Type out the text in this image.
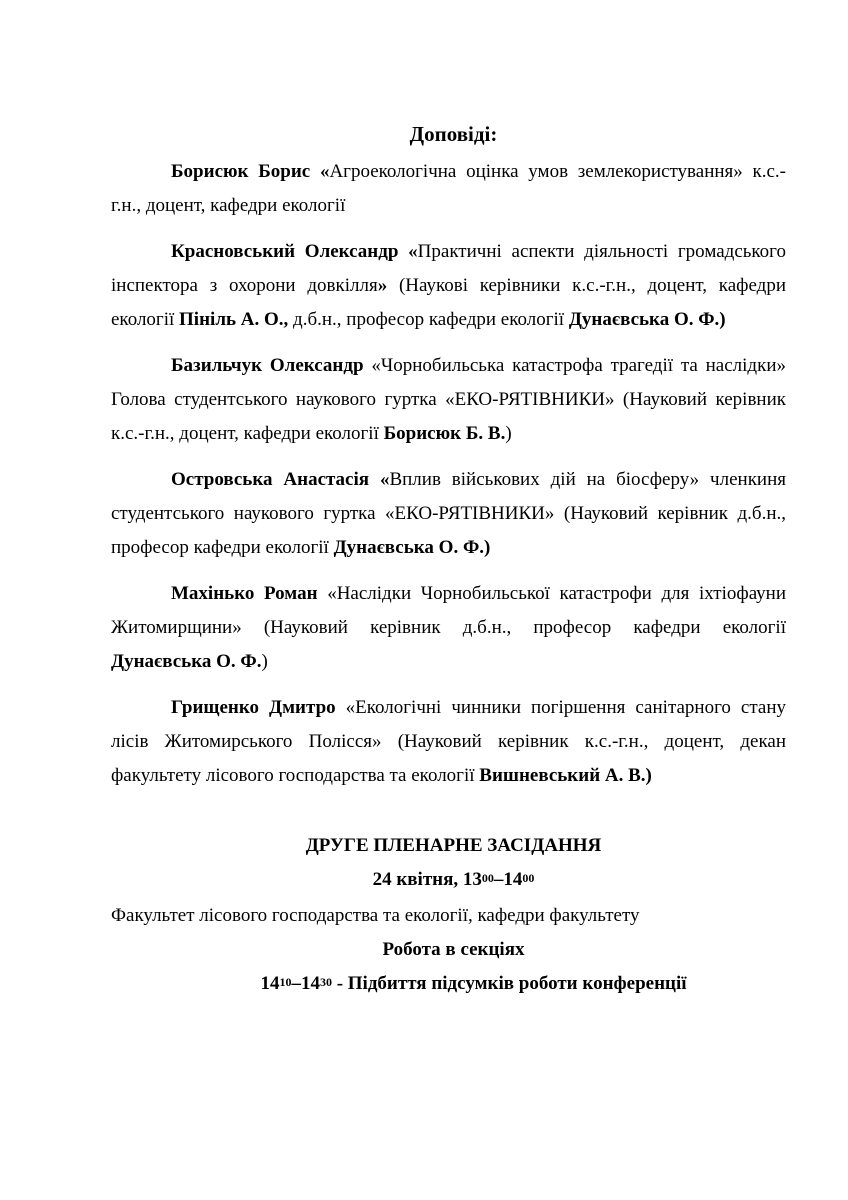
Доповіді:
Борисюк Борис «Агроекологічна оцінка умов землекористування» к.с.-г.н., доцент, кафедри екології
Красновський Олександр «Практичні аспекти діяльності громадського інспектора з охорони довкілля» (Наукові керівники к.с.-г.н., доцент, кафедри екології Пініль А. О., д.б.н., професор кафедри екології Дунаєвська О. Ф.)
Базильчук Олександр «Чорнобильська катастрофа трагедії та наслідки» Голова студентського наукового гуртка «ЕКО-РЯТІВНИКИ» (Науковий керівник к.с.-г.н., доцент, кафедри екології Борисюк Б. В.)
Островська Анастасія «Вплив військових дій на біосферу» членкиня студентського наукового гуртка «ЕКО-РЯТІВНИКИ» (Науковий керівник д.б.н., професор кафедри екології Дунаєвська О. Ф.)
Махінько Роман «Наслідки Чорнобильської катастрофи для іхтіофауни Житомирщини» (Науковий керівник д.б.н., професор кафедри екології Дунаєвська О. Ф.)
Грищенко Дмитро «Екологічні чинники погіршення санітарного стану лісів Житомирського Полісся» (Науковий керівник к.с.-г.н., доцент, декан факультету лісового господарства та екології Вишневський А. В.)
ДРУГЕ ПЛЕНАРНЕ ЗАСІДАННЯ
24 квітня, $13^{00}-14^{00}$
Факультет лісового господарства та екології, кафедри факультету
Робота в секціях
$14^{10}-14^{30}$ - Підбиття підсумків роботи конференції
